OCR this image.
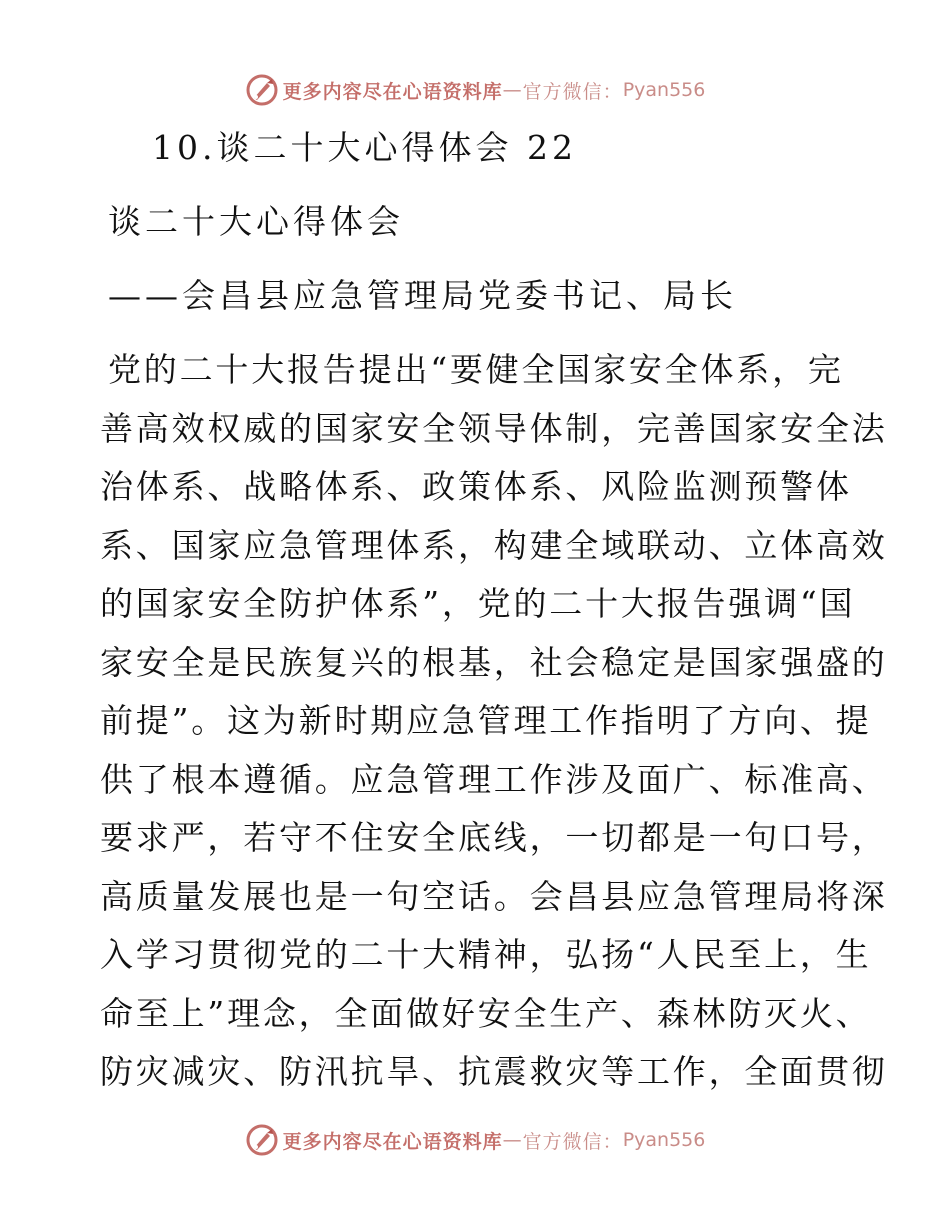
更多内容尽在心语资料库 — 官方微信： Pyan556
10.谈二十大心得体会 22
谈二十大心得体会
——会昌县应急管理局党委书记、局长
党的二十大报告提出“要健全国家安全体系，完
善高效权威的国家安全领导体制，完善国家安全法
治体系、战略体系、政策体系、风险监测预警体
系、国家应急管理体系，构建全域联动、立体高效
的国家安全防护体系”，党的二十大报告强调“国
家安全是民族复兴的根基，社会稳定是国家强盛的
前提”。这为新时期应急管理工作指明了方向、提
供了根本遵循。应急管理工作涉及面广、标准高、
要求严，若守不住安全底线，一切都是一句口号，
高质量发展也是一句空话。会昌县应急管理局将深
入学习贯彻党的二十大精神，弘扬“人民至上，生
命至上”理念，全面做好安全生产、森林防灭火、
防灾减灾、防汛抗旱、抗震救灾等工作，全面贯彻
更多内容尽在心语资料库 — 官方微信： Pyan556
